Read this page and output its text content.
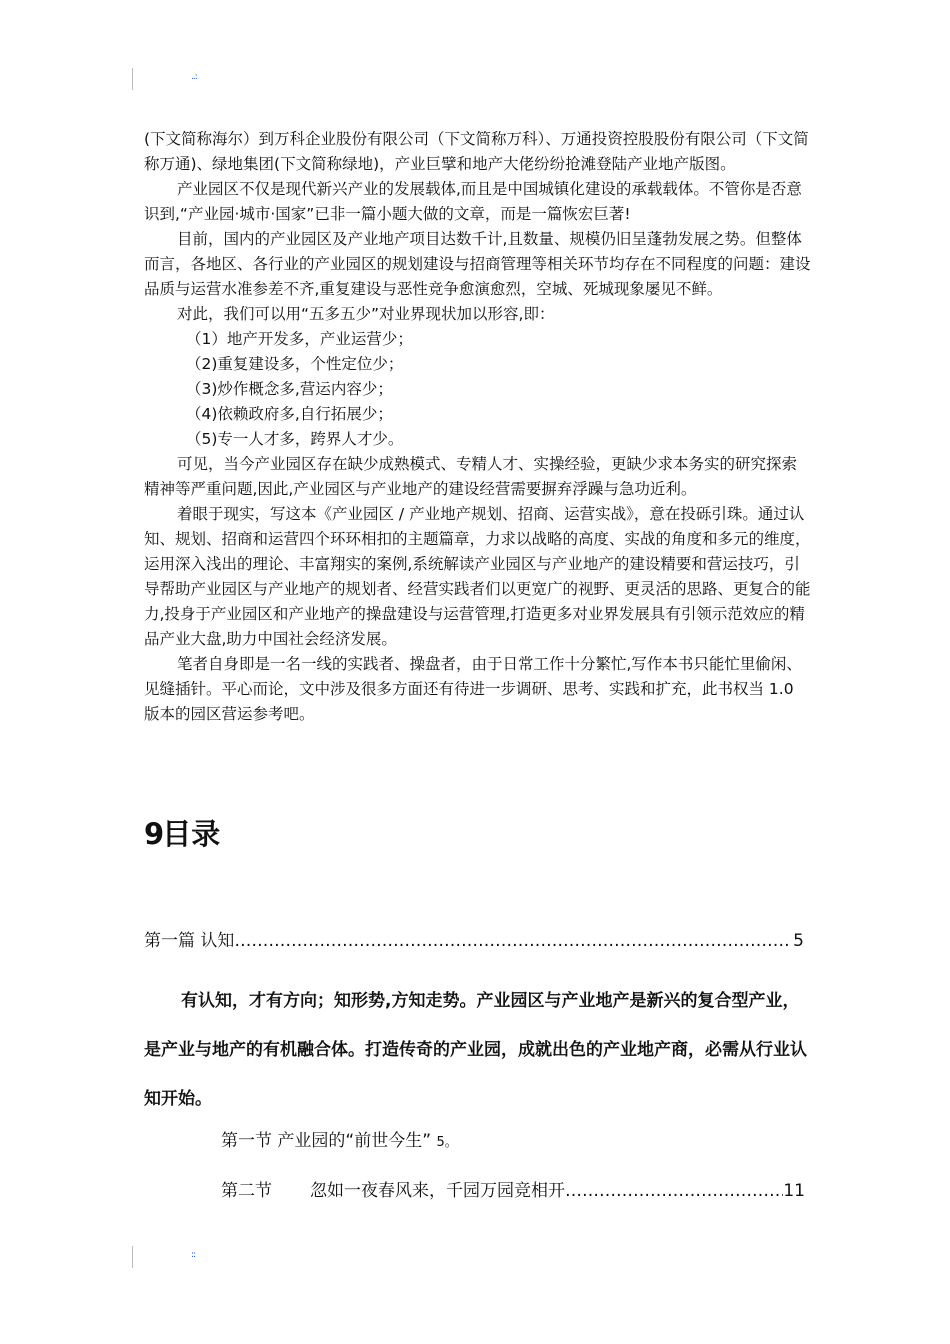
..:

(下文简称海尔）到万科企业股份有限公司（下文简称万科）、万通投资控股股份有限公司（下文简称万通)、绿地集团(下文简称绿地)，产业巨擘和地产大佬纷纷抢滩登陆产业地产版图。

产业园区不仅是现代新兴产业的发展载体,而且是中国城镇化建设的承载载体。不管你是否意识到,“产业园·城市·国家”已非一篇小题大做的文章，而是一篇恢宏巨著!

目前，国内的产业园区及产业地产项目达数千计,且数量、规模仍旧呈蓬勃发展之势。但整体而言，各地区、各行业的产业园区的规划建设与招商管理等相关环节均存在不同程度的问题：建设品质与运营水准参差不齐,重复建设与恶性竞争愈演愈烈，空城、死城现象屡见不鲜。

对此，我们可以用“五多五少”对业界现状加以形容,即：

（1）地产开发多，产业运营少；

（2)重复建设多，个性定位少；

（3)炒作概念多,营运内容少；

（4)依赖政府多,自行拓展少；

（5)专一人才多，跨界人才少。

可见，当今产业园区存在缺少成熟模式、专精人才、实操经验，更缺少求本务实的研究探索精神等严重问题,因此,产业园区与产业地产的建设经营需要摒弃浮躁与急功近利。

着眼于现实，写这本《产业园区 / 产业地产规划、招商、运营实战》，意在投砾引珠。通过认知、规划、招商和运营四个环环相扣的主题篇章，力求以战略的高度、实战的角度和多元的维度，运用深入浅出的理论、丰富翔实的案例,系统解读产业园区与产业地产的建设精要和营运技巧，引导帮助产业园区与产业地产的规划者、经营实践者们以更宽广的视野、更灵活的思路、更复合的能力,投身于产业园区和产业地产的操盘建设与运营管理,打造更多对业界发展具有引领示范效应的精品产业大盘,助力中国社会经济发展。

笔者自身即是一名一线的实践者、操盘者，由于日常工作十分繁忙,写作本书只能忙里偷闲、见缝插针。平心而论，文中涉及很多方面还有待进一步调研、思考、实践和扩充，此书权当 1.0 版本的园区营运参考吧。

9目录
第一篇 认知 ……………………………………………………………………………………………………………………………	5

有认知，才有方向；知形势,方知走势。产业园区与产业地产是新兴的复合型产业，是产业与地产的有机融合体。打造传奇的产业园，成就出色的产业地产商，必需从行业认知开始。

第一节 产业园的“前世今生” 5。
第二节 忽如一夜春风来，千园万园竞相开 ……………………………………………………………………………………	11
::
